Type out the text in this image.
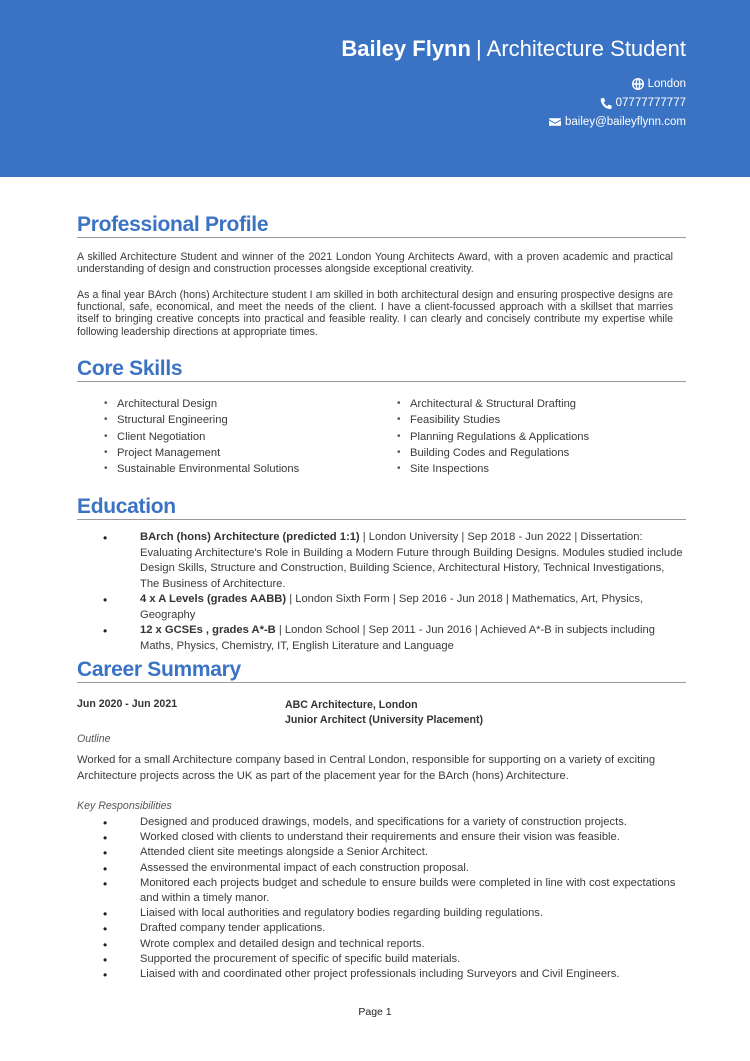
Bailey Flynn | Architecture Student
London
07777777777
bailey@baileyflynn.com
Professional Profile

A skilled Architecture Student and winner of the 2021 London Young Architects Award, with a proven academic and practical understanding of design and construction processes alongside exceptional creativity.

As a final year BArch (hons) Architecture student I am skilled in both architectural design and ensuring prospective designs are functional, safe, economical, and meet the needs of the client. I have a client-focussed approach with a skillset that marries itself to bringing creative concepts into practical and feasible reality. I can clearly and concisely contribute my expertise while following leadership directions at appropriate times.

Core Skills
• Architectural Design
• Structural Engineering
• Client Negotiation
• Project Management
• Sustainable Environmental Solutions
• Architectural & Structural Drafting
• Feasibility Studies
• Planning Regulations & Applications
• Building Codes and Regulations
• Site Inspections
Education
• BArch (hons) Architecture (predicted 1:1) | London University | Sep 2018 - Jun 2022 | Dissertation: Evaluating Architecture's Role in Building a Modern Future through Building Designs. Modules studied include Design Skills, Structure and Construction, Building Science, Architectural History, Technical Investigations, The Business of Architecture.
• 4 x A Levels (grades AABB) | London Sixth Form | Sep 2016 - Jun 2018 | Mathematics, Art, Physics, Geography
• 12 x GCSEs , grades A*-B | London School | Sep 2011 - Jun 2016 | Achieved A*-B in subjects including Maths, Physics, Chemistry, IT, English Literature and Language
Career Summary
Jun 2020 - Jun 2021	ABC Architecture, London
Junior Architect (University Placement)
Outline

Worked for a small Architecture company based in Central London, responsible for supporting on a variety of exciting Architecture projects across the UK as part of the placement year for the BArch (hons) Architecture.

Key Responsibilities
• Designed and produced drawings, models, and specifications for a variety of construction projects.
• Worked closed with clients to understand their requirements and ensure their vision was feasible.
• Attended client site meetings alongside a Senior Architect.
• Assessed the environmental impact of each construction proposal.
• Monitored each projects budget and schedule to ensure builds were completed in line with cost expectations and within a timely manor.
• Liaised with local authorities and regulatory bodies regarding building regulations.
• Drafted company tender applications.
• Wrote complex and detailed design and technical reports.
• Supported the procurement of specific of specific build materials.
• Liaised with and coordinated other project professionals including Surveyors and Civil Engineers.
Page 1
